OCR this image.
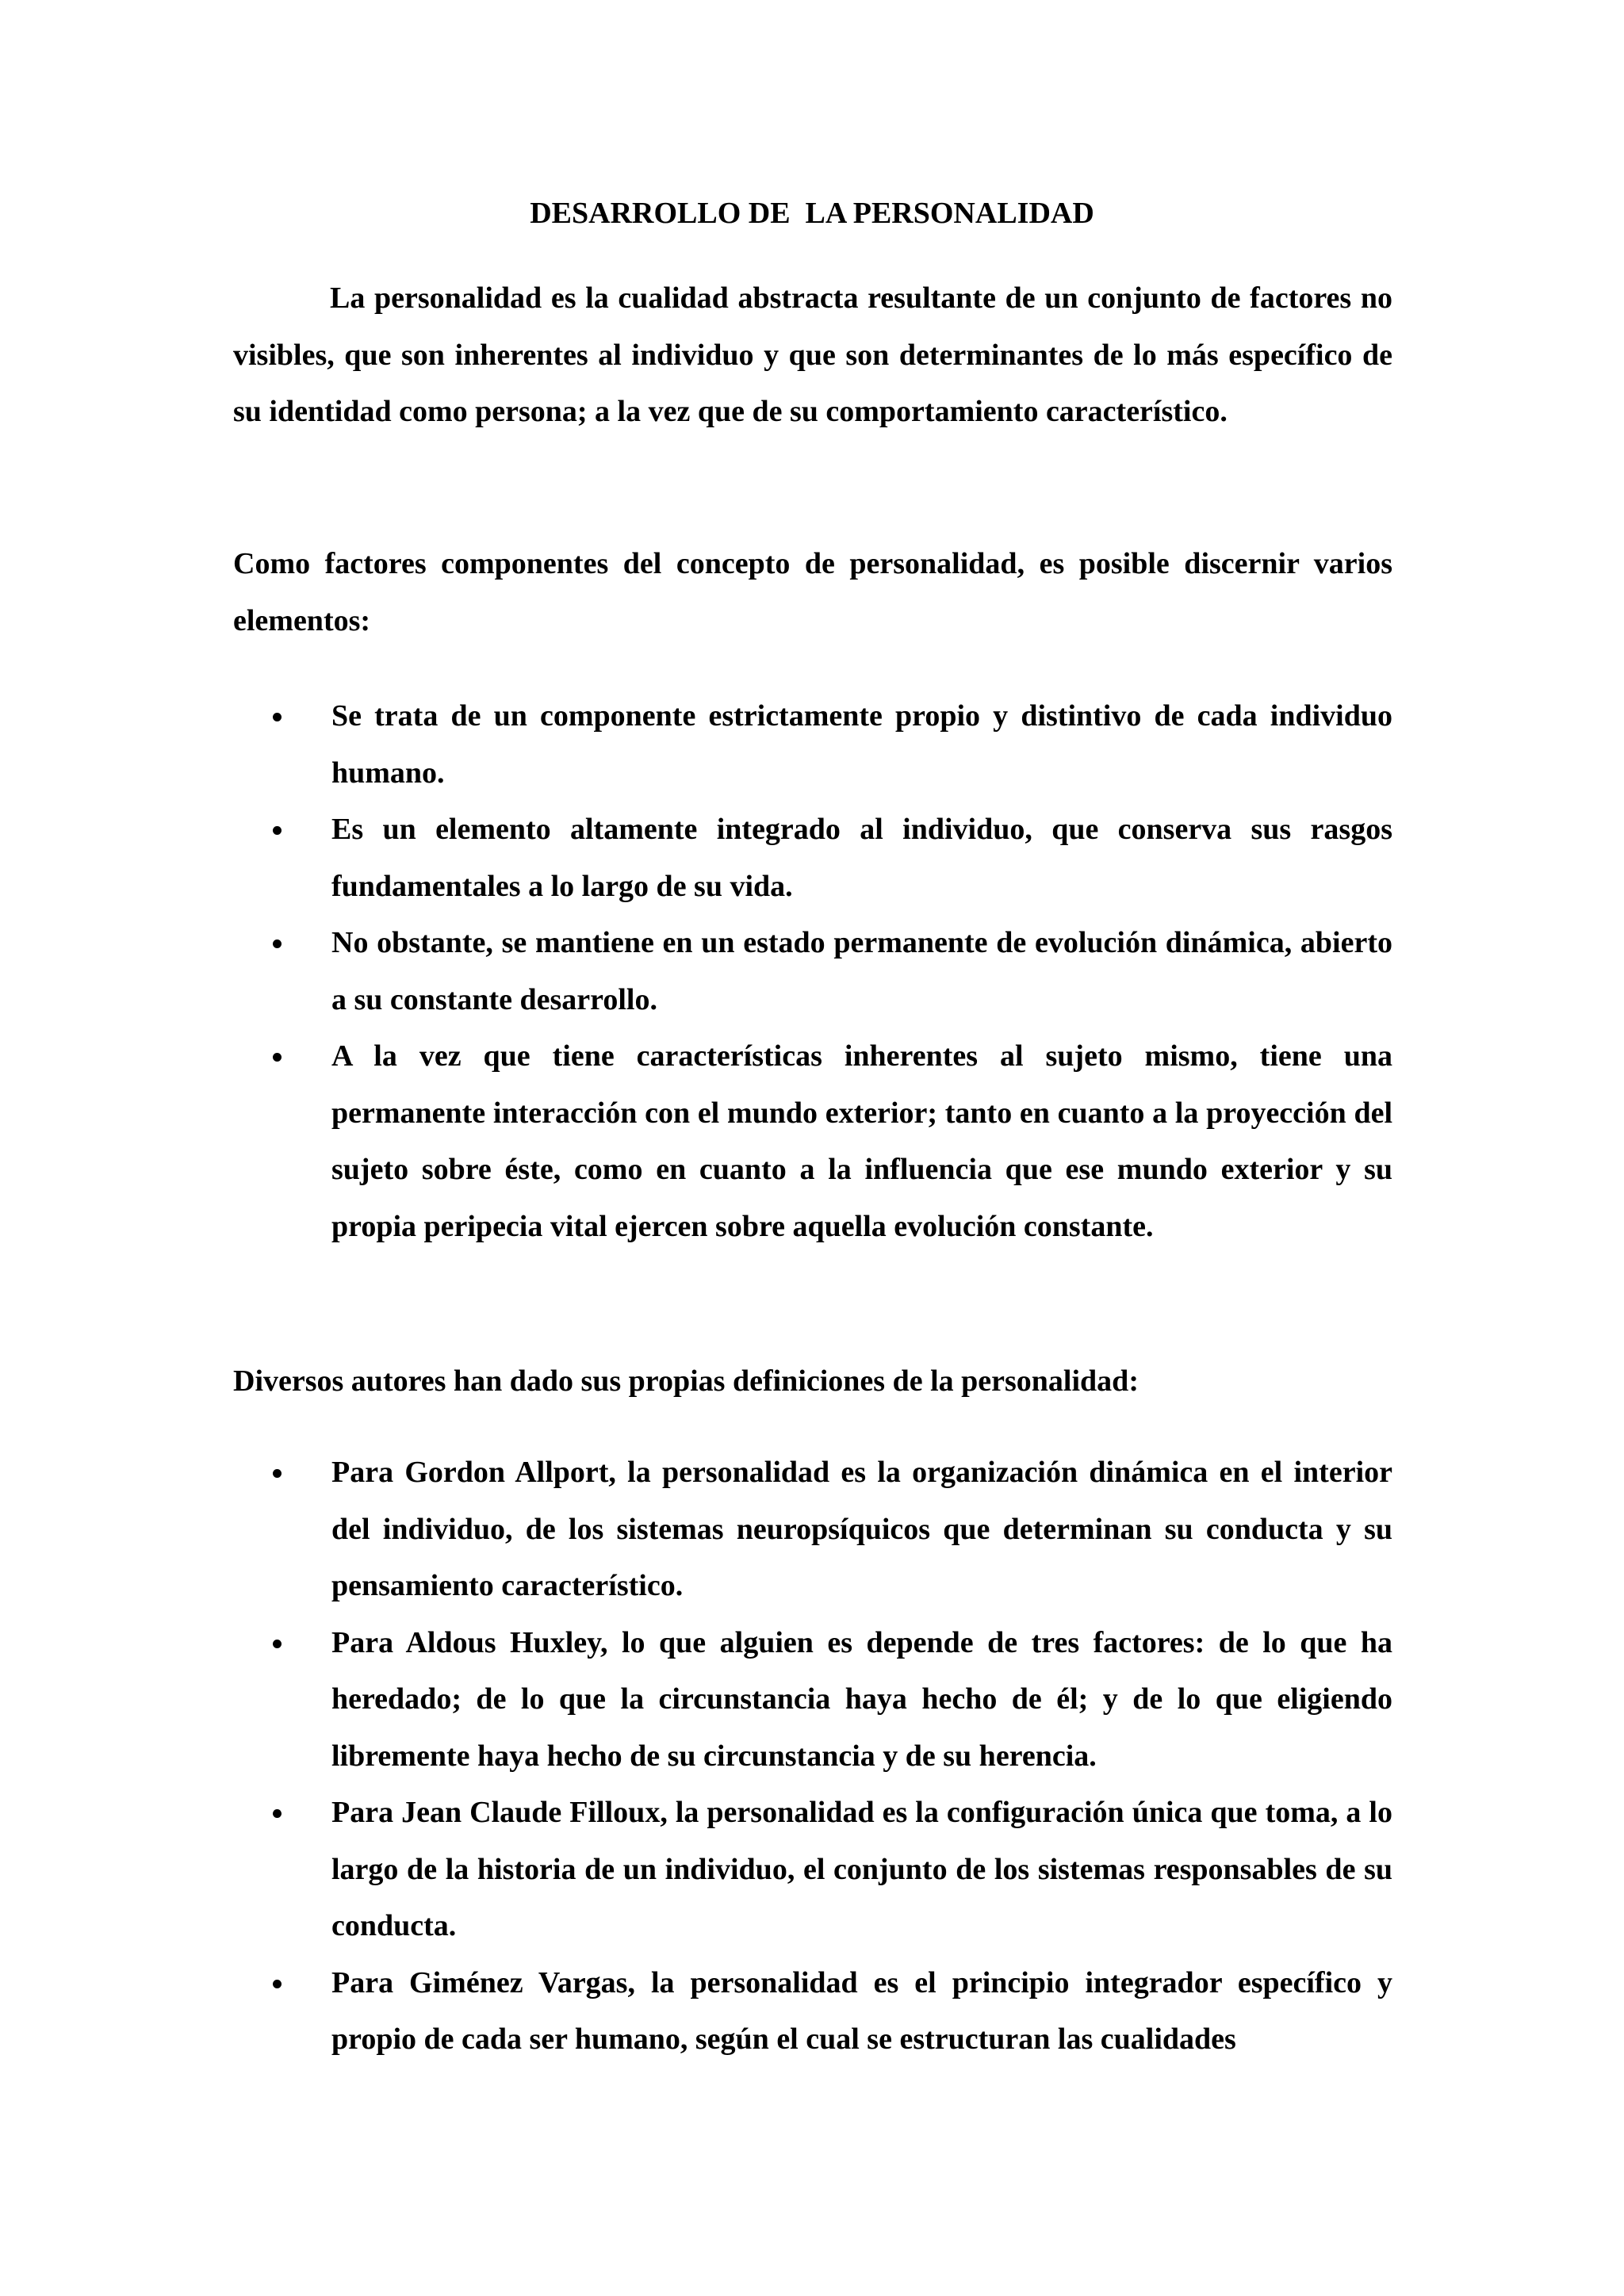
DESARROLLO DE  LA PERSONALIDAD

La personalidad es la cualidad abstracta resultante de un conjunto de factores no visibles, que son inherentes al individuo y que son determinantes de lo más específico de su identidad como persona; a la vez que de su comportamiento característico.

Como factores componentes del concepto de personalidad, es posible discernir varios elementos:

Se trata de un componente estrictamente propio y distintivo de cada individuo humano.
Es un elemento altamente integrado al individuo, que conserva sus rasgos fundamentales a lo largo de su vida.
No obstante, se mantiene en un estado permanente de evolución dinámica, abierto a su constante desarrollo.
A la vez que tiene características inherentes al sujeto mismo, tiene una permanente interacción con el mundo exterior; tanto en cuanto a la proyección del sujeto sobre éste, como en cuanto a la influencia que ese mundo exterior y su propia peripecia vital ejercen sobre aquella evolución constante.

Diversos autores han dado sus propias definiciones de la personalidad:

Para Gordon Allport, la personalidad es la organización dinámica en el interior del individuo, de los sistemas neuropsíquicos que determinan su conducta y su pensamiento característico.
Para Aldous Huxley, lo que alguien es depende de tres factores: de lo que ha heredado; de lo que la circunstancia haya hecho de él; y de lo que eligiendo libremente haya hecho de su circunstancia y de su herencia.
Para Jean Claude Filloux, la personalidad es la configuración única que toma, a lo largo de la historia de un individuo, el conjunto de los sistemas responsables de su conducta.
Para Giménez Vargas, la personalidad es el principio integrador específico y propio de cada ser humano, según el cual se estructuran las cualidades
